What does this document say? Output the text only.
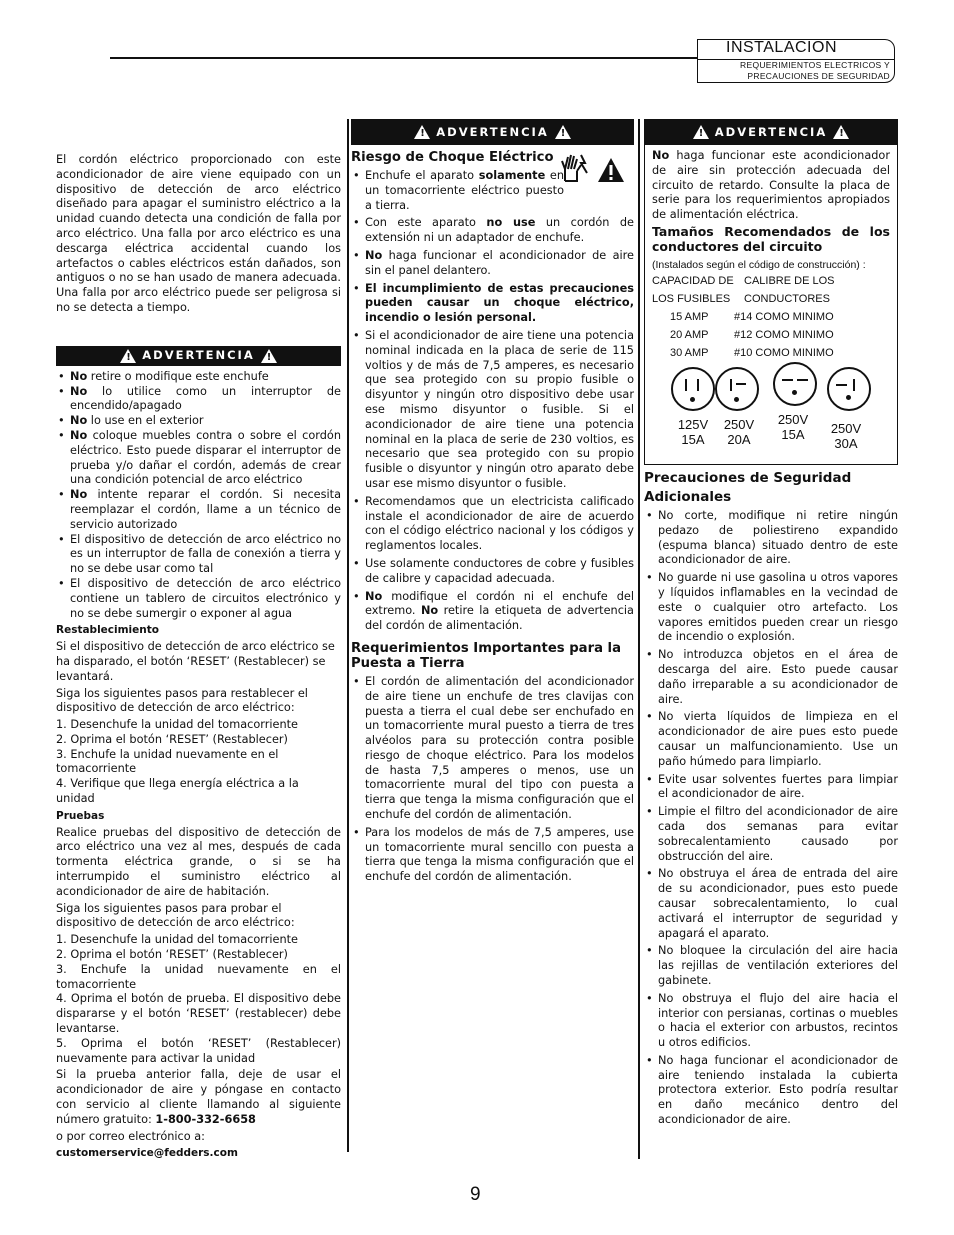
INSTALACION
REQUERIMIENTOS ELECTRICOS Y
PRECAUCIONES DE SEGURIDAD

El cordón eléctrico proporcionado con este acondicionador de aire viene equipado con un dispositivo de detección de arco eléctrico diseñado para apagar el suministro eléctrico a la unidad cuando detecta una condición de falla por arco eléctrico. Una falla por arco eléctrico es una descarga eléctrica accidental cuando los artefactos o cables eléctricos están dañados, son antiguos o no se han usado de manera adecuada. Una falla por arco eléctrico puede ser peligrosa si no se detecta a tiempo.

!
ADVERTENCIA
!
• No retire o modifique este enchufe
• No lo utilice como un interruptor de encendido/apagado
• No lo use en el exterior
• No coloque muebles contra o sobre el cordón eléctrico. Esto puede disparar el interruptor de prueba y/o dañar el cordón, además de crear una condición potencial de arco eléctrico
• No intente reparar el cordón. Si necesita reemplazar el cordón, llame a un técnico de servicio autorizado
• El dispositivo de detección de arco eléctrico no es un interruptor de falla de conexión a tierra y no se debe usar como tal
• El dispositivo de detección de arco eléctrico contiene un tablero de circuitos electrónico y no se debe sumergir o exponer al agua

Restablecimiento

Si el dispositivo de detección de arco eléctrico se ha disparado, el botón ‘RESET’ (Restablecer) se levantará.

Siga los siguientes pasos para restablecer el dispositivo de detección de arco eléctrico:

1. Desenchufe la unidad del tomacorriente
2. Oprima el botón ‘RESET’ (Restablecer)
3. Enchufe la unidad nuevamente en el tomacorriente
4. Verifique que llega energía eléctrica a la unidad

Pruebas

Realice pruebas del dispositivo de detección de arco eléctrico una vez al mes, después de cada tormenta eléctrica grande, o si se ha interrumpido el suministro eléctrico al acondicionador de aire de habitación.

Siga los siguientes pasos para probar el dispositivo de detección de arco eléctrico:

1. Desenchufe la unidad del tomacorriente
2. Oprima el botón ‘RESET’ (Restablecer)
3. Enchufe la unidad nuevamente en el tomacorriente
4. Oprima el botón de prueba. El dispositivo debe dispararse y el botón ‘RESET’ (restablecer) debe levantarse.
5. Oprima el botón ‘RESET’ (Restablecer) nuevamente para activar la unidad

Si la prueba anterior falla, deje de usar el acondicionador de aire y póngase en contacto con servicio al cliente llamando al siguiente número gratuito: 1-800-332-6658

o por correo electrónico a:

customerservice@fedders.com

!
ADVERTENCIA
!
Riesgo de Choque Eléctrico
• Enchufe el aparato solamente en un tomacorriente eléctrico puesto a tierra.
• Con este aparato no use un cordón de extensión ni un adaptador de enchufe.
• No haga funcionar el acondicionador de aire sin el panel delantero.
• El incumplimiento de estas precauciones pueden causar un choque eléctrico, incendio o lesión personal.
• Si el acondicionador de aire tiene una potencia nominal indicada en la placa de serie de 115 voltios y de más de 7,5 amperes, es necesario que sea protegido con su propio fusible o disyuntor y ningún otro dispositivo debe usar ese mismo disyuntor o fusible. Si el acondicionador de aire tiene una potencia nominal en la placa de serie de 230 voltios, es necesario que sea protegido con su propio fusible o disyuntor y ningún otro aparato debe usar ese mismo disyuntor o fusible.
• Recomendamos que un electricista calificado instale el acondicionador de aire de acuerdo con el código eléctrico nacional y los códigos y reglamentos locales.
• Use solamente conductores de cobre y fusibles de calibre y capacidad adecuada.
• No modifique el cordón ni el enchufe del extremo. No retire la etiqueta de advertencia del cordón de alimentación.
Requerimientos Importantes para la Puesta a Tierra
• El cordón de alimentación del acondicionador de aire tiene un enchufe de tres clavijas con puesta a tierra el cual debe ser enchufado en un tomacorriente mural puesto a tierra de tres alvéolos para su protección contra posible riesgo de choque eléctrico. Para los modelos de hasta 7,5 amperes o menos, use un tomacorriente mural del tipo con puesta a tierra que tenga la misma configuración que el enchufe del cordón de alimentación.
• Para los modelos de más de 7,5 amperes, use un tomacorriente mural sencillo con puesta a tierra que tenga la misma configuración que el enchufe del cordón de alimentación.
!
ADVERTENCIA
!

No haga funcionar este acondicionador de aire sin protección adecuada del circuito de retardo. Consulte la placa de serie para los requerimientos apropiados de alimentación eléctrica.

Tamaños Recomendados de los conductores del circuito

(Instalados según el código de construcción) :

CAPACIDAD DE CALIBRE DE LOS
LOS FUSIBLES CONDUCTORES
15 AMP #14 COMO MINIMO
20 AMP #12 COMO MINIMO
30 AMP #10 COMO MINIMO
125V
15A
250V
20A
250V
15A	250V
30A
Precauciones de Seguridad Adicionales
• No corte, modifique ni retire ningún pedazo de poliestireno expandido (espuma blanca) situado dentro de este acondicionador de aire.
• No guarde ni use gasolina u otros vapores y líquidos inflamables en la vecindad de este o cualquier otro artefacto. Los vapores emitidos pueden crear un riesgo de incendio o explosión.
• No introduzca objetos en el área de descarga del aire. Esto puede causar daño irreparable a su acondicionador de aire.
• No vierta líquidos de limpieza en el acondicionador de aire pues esto puede causar un malfuncionamiento. Use un paño húmedo para limpiarlo.
• Evite usar solventes fuertes para limpiar el acondicionador de aire.
• Limpie el filtro del acondicionador de aire cada dos semanas para evitar sobrecalentamiento causado por obstrucción del aire.
• No obstruya el área de entrada del aire de su acondicionador, pues esto puede causar sobrecalentamiento, lo cual activará el interruptor de seguridad y apagará el aparato.
• No bloquee la circulación del aire hacia las rejillas de ventilación exteriores del gabinete.
• No obstruya el flujo del aire hacia el interior con persianas, cortinas o muebles o hacia el exterior con arbustos, recintos u otros edificios.
• No haga funcionar el acondicionador de aire teniendo instalada la cubierta protectora exterior. Esto podría resultar en daño mecánico dentro del acondicionador de aire.
9
